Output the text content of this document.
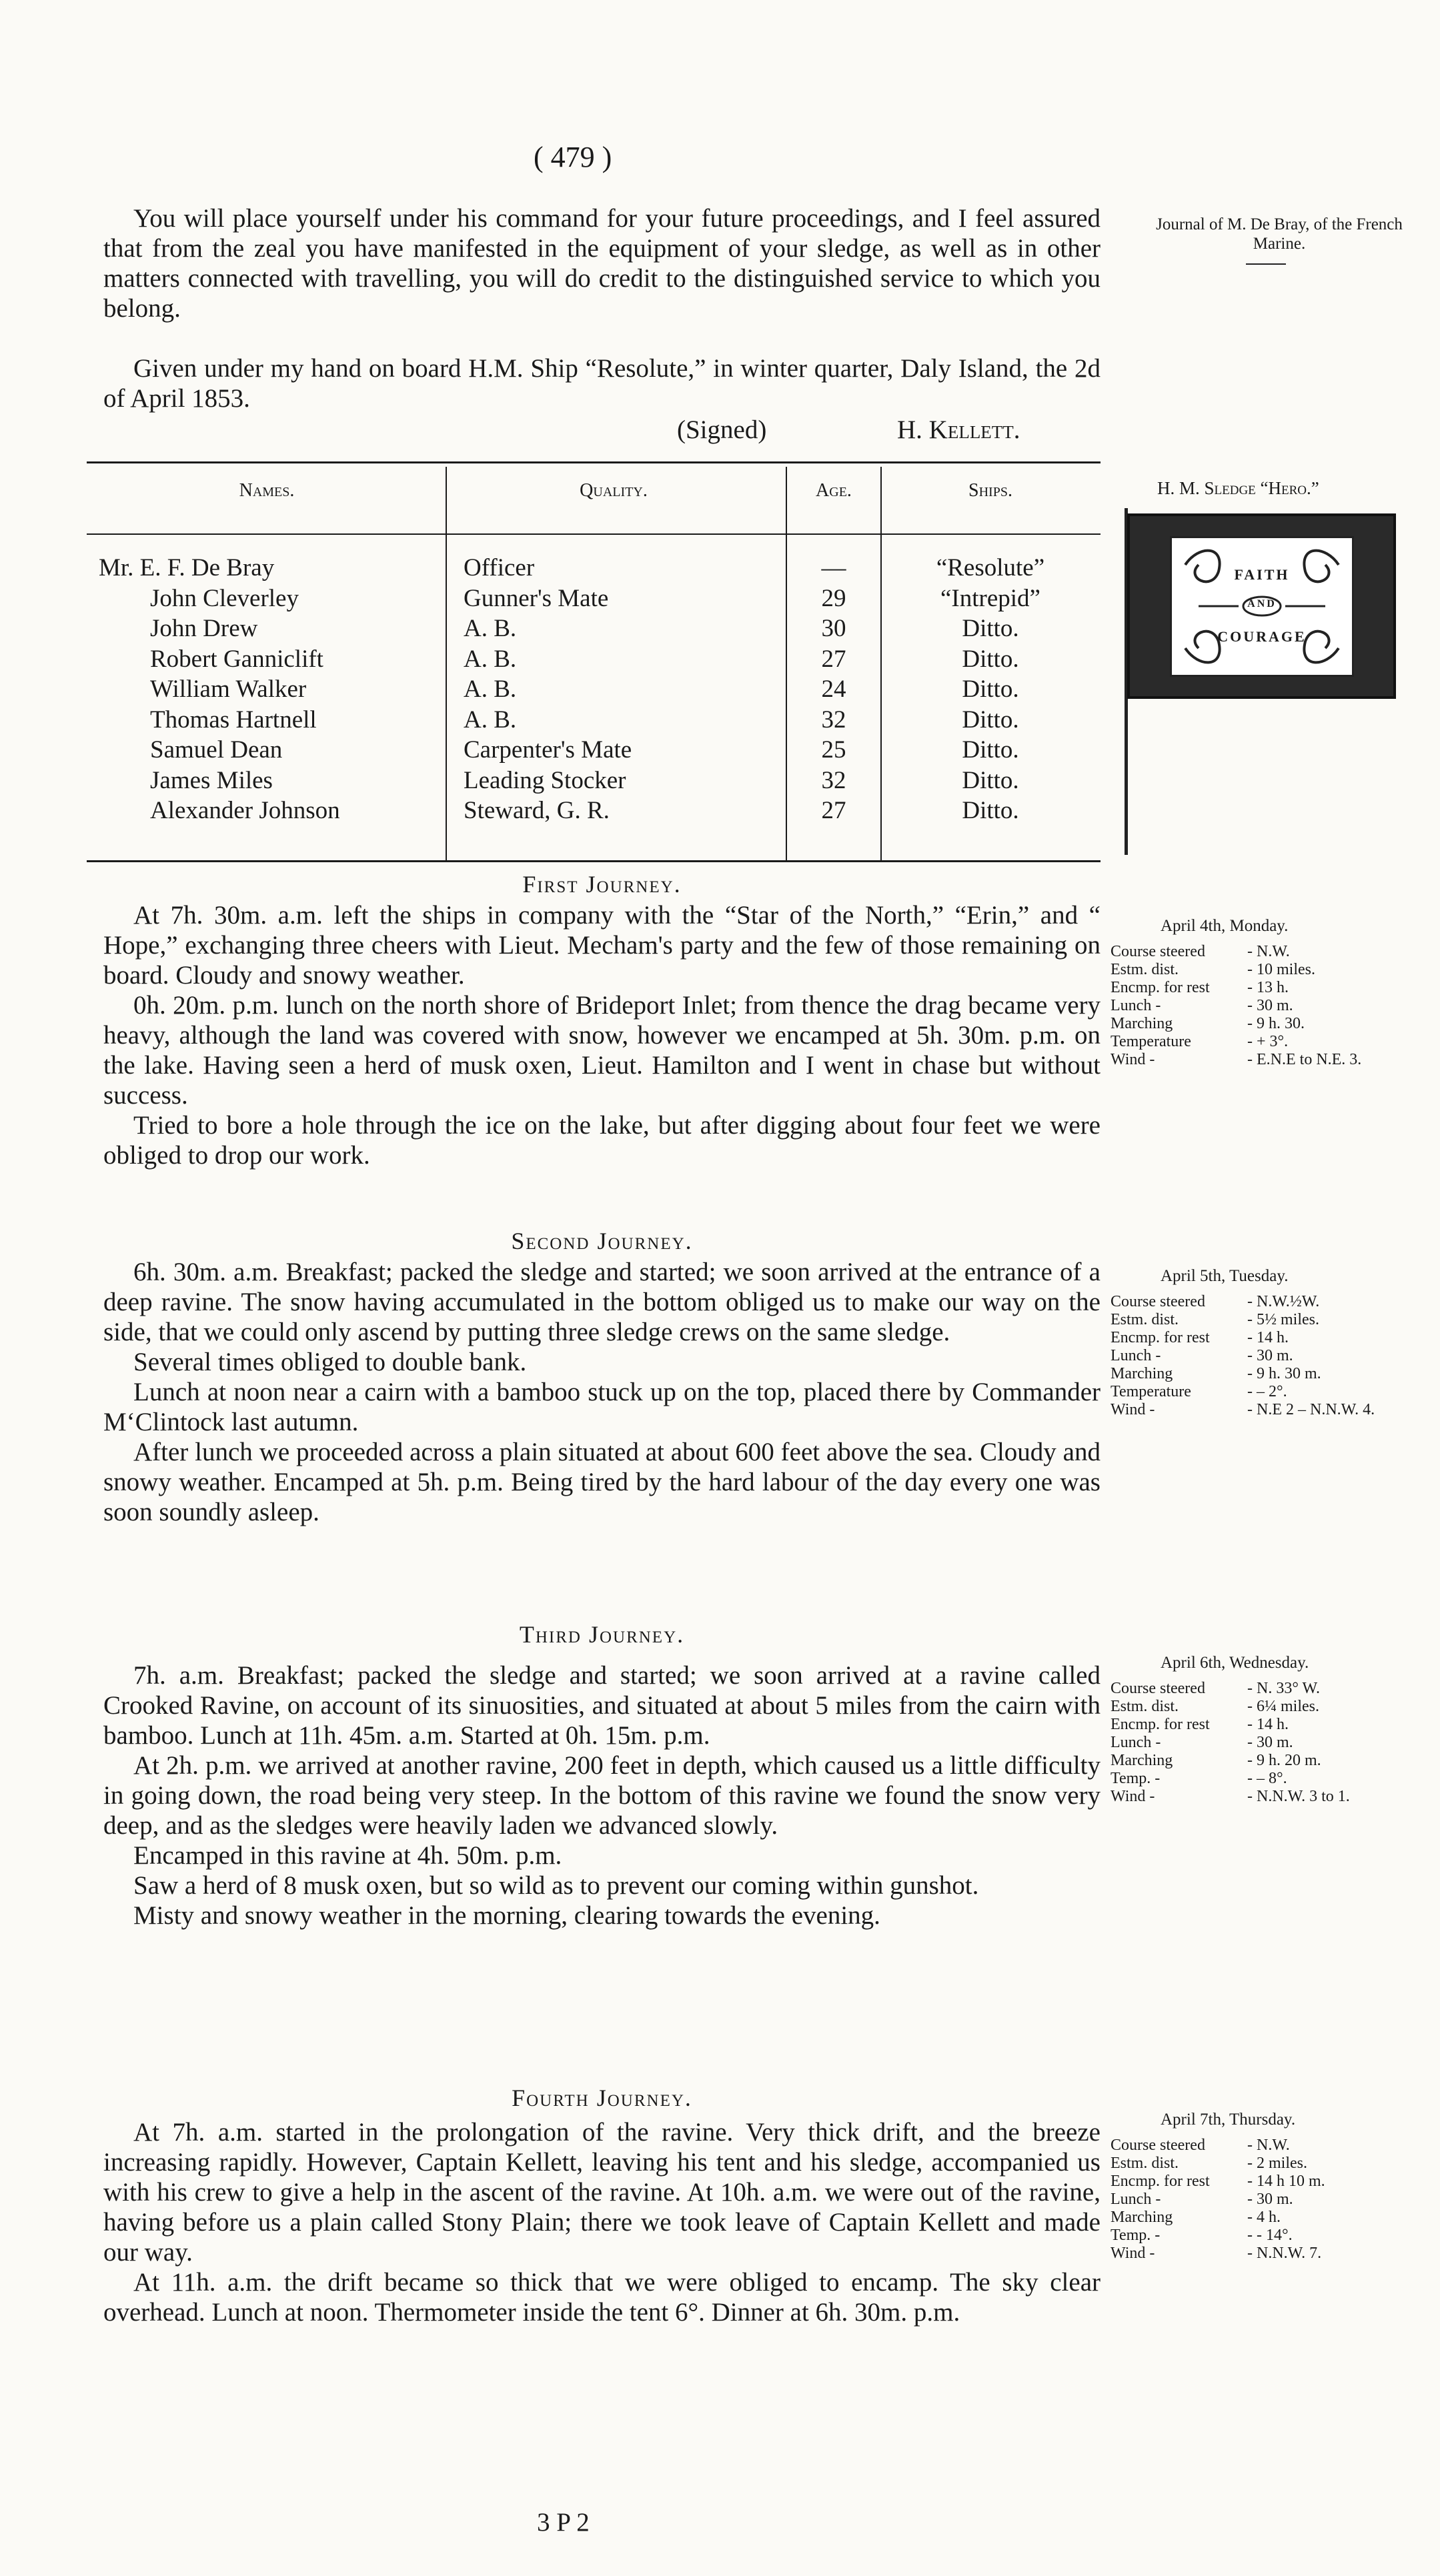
( 479 )
You will place yourself under his command for your future proceedings, and I feel assured that from the zeal you have manifested in the equipment of your sledge, as well as in other matters connected with travelling, you will do credit to the distinguished service to which you belong.
Given under my hand on board H.M. Ship “Resolute,” in winter quarter, Daly Island, the 2d of April 1853.
(Signed)	H. Kellett.
Journal of M. De Bray, of the French Marine.
Names.	Quality.	Age.	Ships.
Mr. E. F. De Bray	Officer	—	“Resolute”
John Cleverley	Gunner's Mate	29	“Intrepid”
John Drew	A. B.	30	Ditto.
Robert Ganniclift	A. B.	27	Ditto.
William Walker	A. B.	24	Ditto.
Thomas Hartnell	A. B.	32	Ditto.
Samuel Dean	Carpenter's Mate	25	Ditto.
James Miles	Leading Stocker	32	Ditto.
Alexander Johnson	Steward, G. R.	27	Ditto.
H. M. Sledge “Hero.”
FAITH
AND
COURAGE
First Journey.
At 7h. 30m. a.m. left the ships in company with the “Star of the North,” “Erin,” and “ Hope,” exchanging three cheers with Lieut. Mecham's party and the few of those remaining on board. Cloudy and snowy weather.
0h. 20m. p.m. lunch on the north shore of Brideport Inlet; from thence the drag became very heavy, although the land was covered with snow, however we encamped at 5h. 30m. p.m. on the lake. Having seen a herd of musk oxen, Lieut. Hamilton and I went in chase but without success.
Tried to bore a hole through the ice on the lake, but after digging about four feet we were obliged to drop our work.
Second Journey.
6h. 30m. a.m. Breakfast; packed the sledge and started; we soon arrived at the entrance of a deep ravine. The snow having accumulated in the bottom obliged us to make our way on the side, that we could only ascend by putting three sledge crews on the same sledge.
Several times obliged to double bank.
Lunch at noon near a cairn with a bamboo stuck up on the top, placed there by Commander M‘Clintock last autumn.
After lunch we proceeded across a plain situated at about 600 feet above the sea. Cloudy and snowy weather. Encamped at 5h. p.m. Being tired by the hard labour of the day every one was soon soundly asleep.
Third Journey.
7h. a.m. Breakfast; packed the sledge and started; we soon arrived at a ravine called Crooked Ravine, on account of its sinuosities, and situated at about 5 miles from the cairn with bamboo. Lunch at 11h. 45m. a.m. Started at 0h. 15m. p.m.
At 2h. p.m. we arrived at another ravine, 200 feet in depth, which caused us a little difficulty in going down, the road being very steep. In the bottom of this ravine we found the snow very deep, and as the sledges were heavily laden we advanced slowly.
Encamped in this ravine at 4h. 50m. p.m.
Saw a herd of 8 musk oxen, but so wild as to prevent our coming within gunshot.
Misty and snowy weather in the morning, clearing towards the evening.
Fourth Journey.
At 7h. a.m. started in the prolongation of the ravine. Very thick drift, and the breeze increasing rapidly. However, Captain Kellett, leaving his tent and his sledge, accompanied us with his crew to give a help in the ascent of the ravine. At 10h. a.m. we were out of the ravine, having before us a plain called Stony Plain; there we took leave of Captain Kellett and made our way.
At 11h. a.m. the drift became so thick that we were obliged to encamp. The sky clear overhead. Lunch at noon. Thermometer inside the tent 6°. Dinner at 6h. 30m. p.m.
April 4th, Monday.
Course steered	- N.W.
Estm. dist.	- 10 miles.
Encmp. for rest - 13 h.
Lunch -	- 30 m.
Marching	- 9 h. 30.
Temperature	- + 3°.
Wind -	- E.N.E to N.E. 3.
April 5th, Tuesday.
Course steered	- N.W.½W.
Estm. dist.	- 5½ miles.
Encmp. for rest - 14 h.
Lunch -	- 30 m.
Marching	- 9 h. 30 m.
Temperature	- – 2°.
Wind -	- N.E 2 – N.N.W. 4.
April 6th, Wednesday.
Course steered	- N. 33° W.
Estm. dist.	- 6¼ miles.
Encmp. for rest - 14 h.
Lunch -	- 30 m.
Marching	- 9 h. 20 m.
Temp. -	- – 8°.
Wind -	- N.N.W. 3 to 1.
April 7th, Thursday.
Course steered	- N.W.
Estm. dist.	- 2 miles.
Encmp. for rest - 14 h 10 m.
Lunch -	- 30 m.
Marching	- 4 h.
Temp. -	- - 14°.
Wind -	- N.N.W. 7.
3 P 2
